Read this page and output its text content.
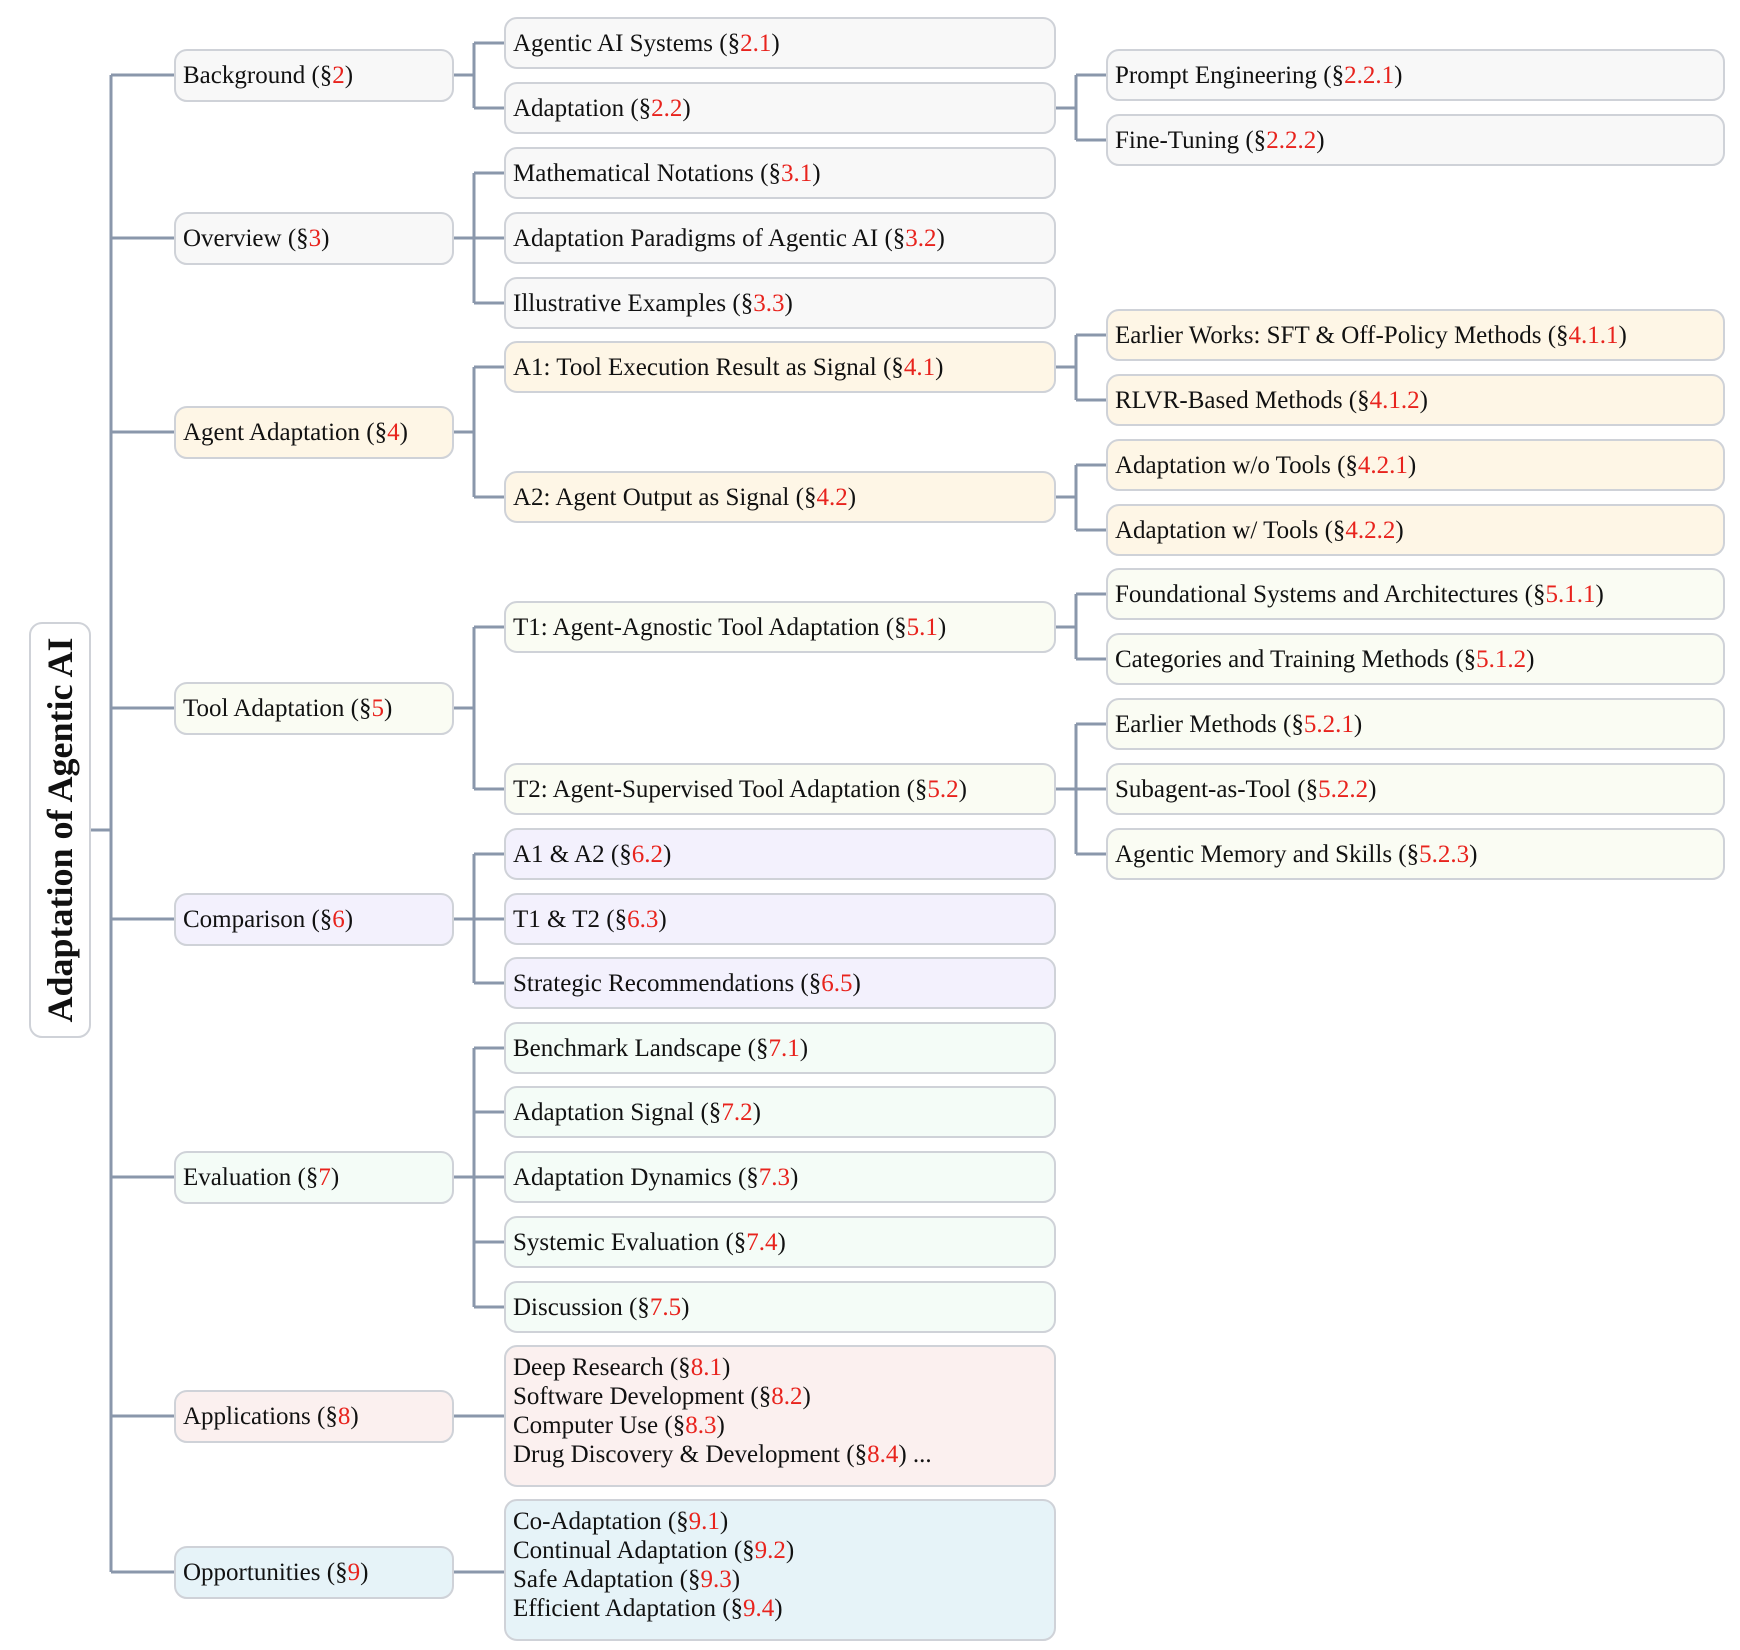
Adaptation of Agentic AI
Background (§2)
Overview (§3)
Agent Adaptation (§4)
Tool Adaptation (§5)
Comparison (§6)
Evaluation (§7)
Applications (§8)
Opportunities (§9)
Agentic AI Systems (§2.1)
Adaptation (§2.2)
Mathematical Notations (§3.1)
Adaptation Paradigms of Agentic AI (§3.2)
Illustrative Examples (§3.3)
A1: Tool Execution Result as Signal (§4.1)
A2: Agent Output as Signal (§4.2)
T1: Agent-Agnostic Tool Adaptation (§5.1)
T2: Agent-Supervised Tool Adaptation (§5.2)
A1 & A2 (§6.2)
T1 & T2 (§6.3)
Strategic Recommendations (§6.5)
Benchmark Landscape (§7.1)
Adaptation Signal (§7.2)
Adaptation Dynamics (§7.3)
Systemic Evaluation (§7.4)
Discussion (§7.5)
Deep Research (§8.1)
Software Development (§8.2)
Computer Use (§8.3)
Drug Discovery & Development (§8.4) ...
Co-Adaptation (§9.1)
Continual Adaptation (§9.2)
Safe Adaptation (§9.3)
Efficient Adaptation (§9.4)
Prompt Engineering (§2.2.1)
Fine-Tuning (§2.2.2)
Earlier Works: SFT & Off-Policy Methods (§4.1.1)
RLVR-Based Methods (§4.1.2)
Adaptation w/o Tools (§4.2.1)
Adaptation w/ Tools (§4.2.2)
Foundational Systems and Architectures (§5.1.1)
Categories and Training Methods (§5.1.2)
Earlier Methods (§5.2.1)
Subagent-as-Tool (§5.2.2)
Agentic Memory and Skills (§5.2.3)
